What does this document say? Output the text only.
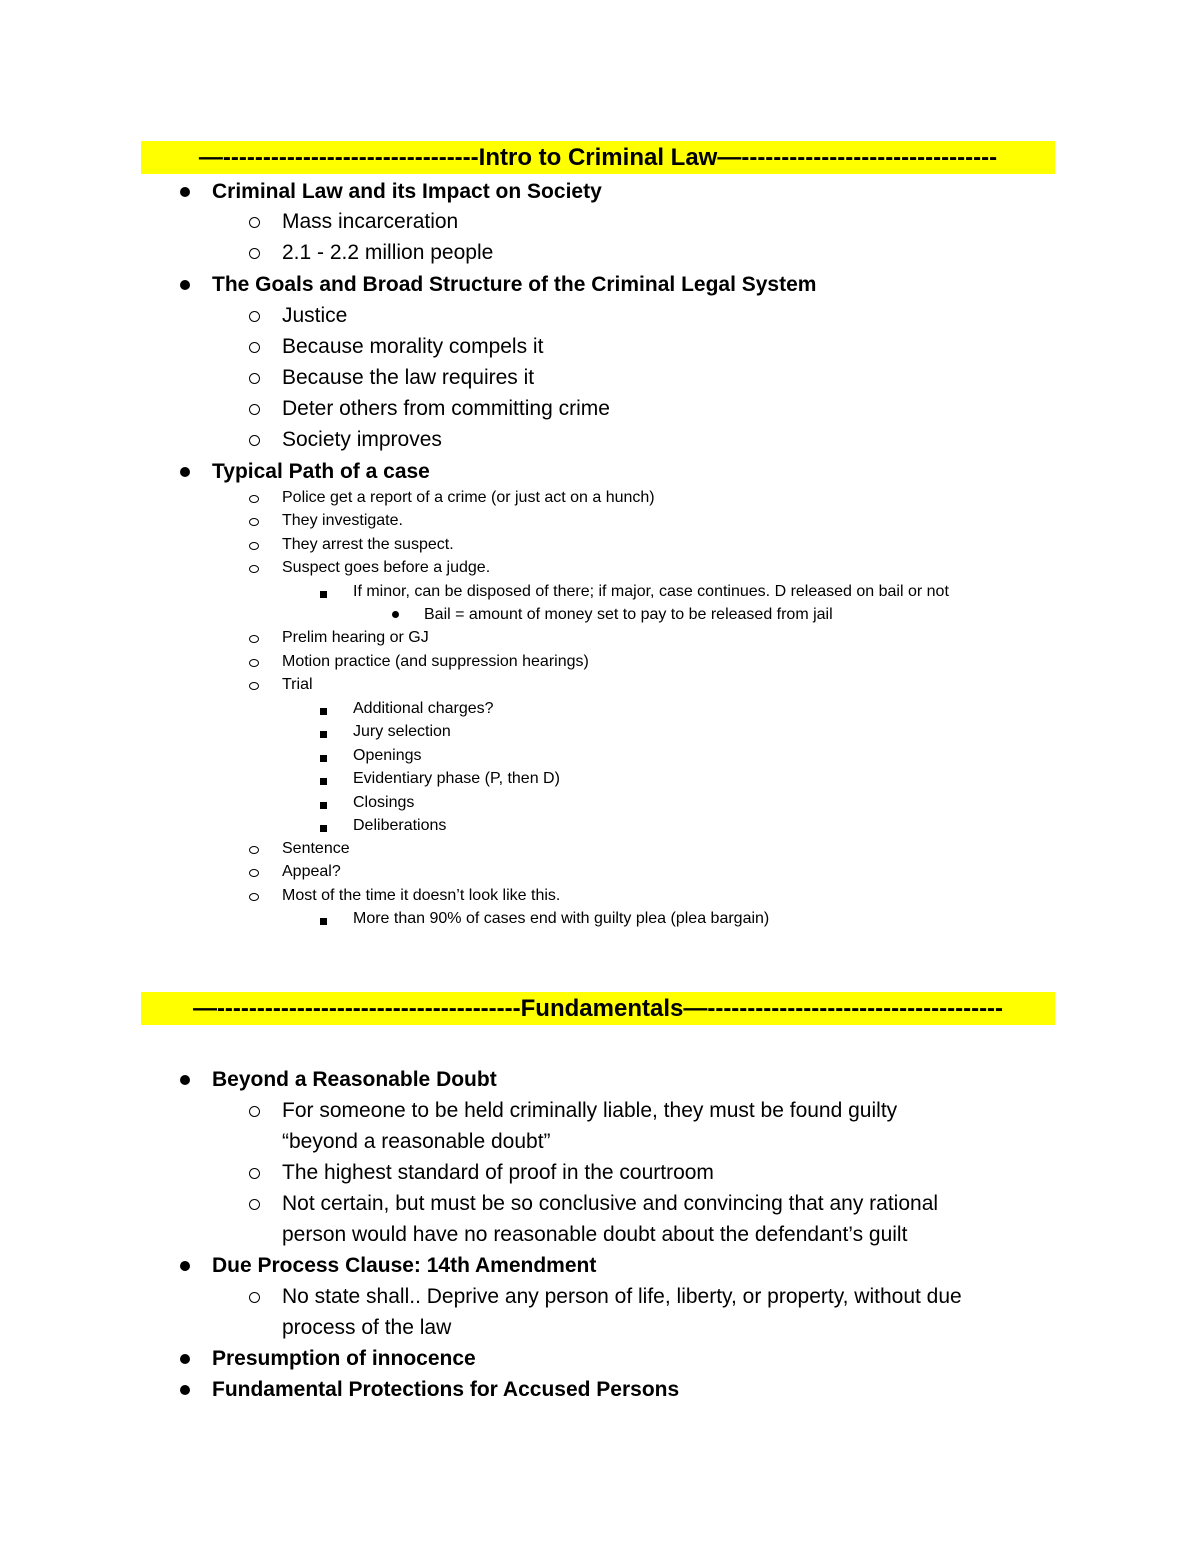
—--------------------------------Intro to Criminal Law—--------------------------------
Criminal Law and its Impact on Society
Mass incarceration
2.1 - 2.2 million people
The Goals and Broad Structure of the Criminal Legal System
Justice
Because morality compels it
Because the law requires it
Deter others from committing crime
Society improves
Typical Path of a case
Police get a report of a crime (or just act on a hunch)
They investigate.
They arrest the suspect.
Suspect goes before a judge.
If minor, can be disposed of there; if major, case continues. D released on bail or not
Bail = amount of money set to pay to be released from jail
Prelim hearing or GJ
Motion practice (and suppression hearings)
Trial
Additional charges?
Jury selection
Openings
Evidentiary phase (P, then D)
Closings
Deliberations
Sentence
Appeal?
Most of the time it doesn’t look like this.
More than 90% of cases end with guilty plea (plea bargain)
—--------------------------------------Fundamentals—-------------------------------------
Beyond a Reasonable Doubt
For someone to be held criminally liable, they must be found guilty
“beyond a reasonable doubt”
The highest standard of proof in the courtroom
Not certain, but must be so conclusive and convincing that any rational
person would have no reasonable doubt about the defendant’s guilt
Due Process Clause: 14th Amendment
No state shall.. Deprive any person of life, liberty, or property, without due
process of the law
Presumption of innocence
Fundamental Protections for Accused Persons
